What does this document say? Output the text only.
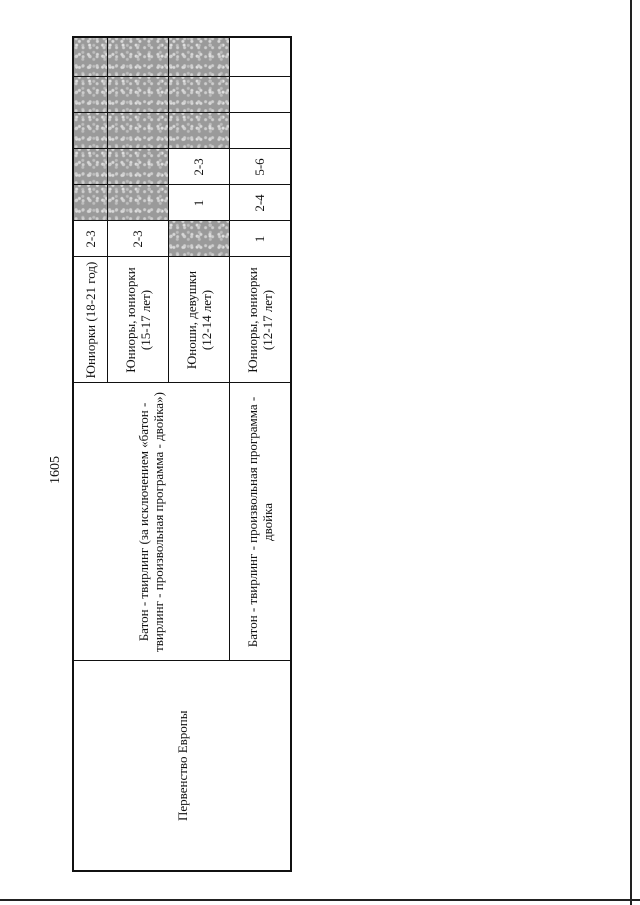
1605
Первенство Европы	Батон - твирлинг (за исключением «батон - твирлинг - произвольная программа - двойка»)	Юниорки (18-21 год)	2-3					
		Юниоры, юниорки (15-17 лет)	2-3					
		Юноши, девушки (12-14 лет)		1	2-3			
	Батон - твирлинг - произвольная программа - двойка	Юниоры, юниорки (12-17 лет)	1	2-4	5-6			
